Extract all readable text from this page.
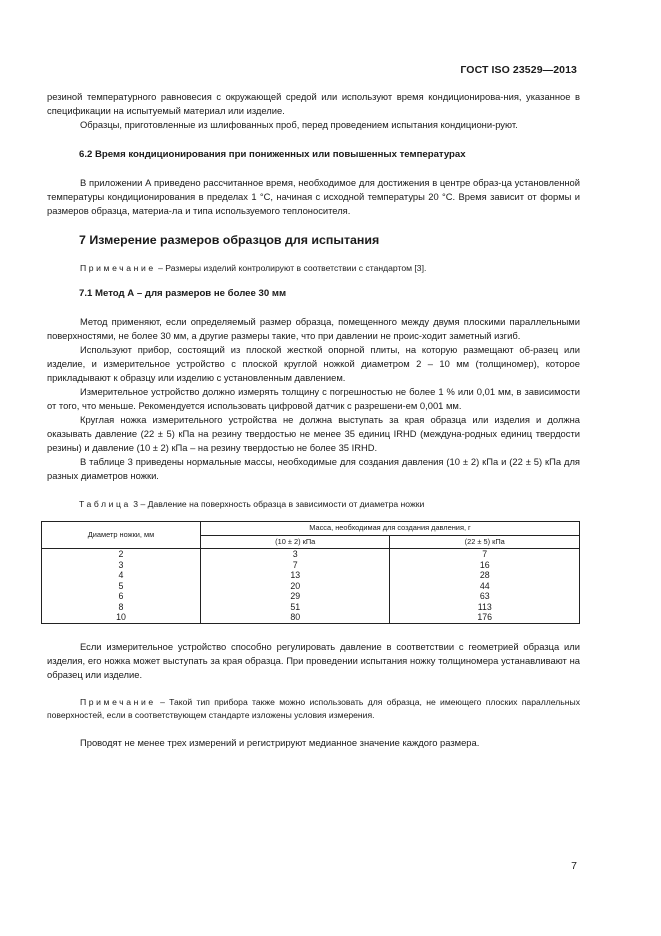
ГОСТ ISO 23529—2013

резиной температурного равновесия с окружающей средой или используют время кондиционирова-ния, указанное в спецификации на испытуемый материал или изделие.

Образцы, приготовленные из шлифованных проб, перед проведением испытания кондициони-руют.

6.2 Время кондиционирования при пониженных или повышенных температурах

В приложении А приведено рассчитанное время, необходимое для достижения в центре образ-ца установленной температуры кондиционирования в пределах 1 °С, начиная с исходной температуры 20 °С. Время зависит от формы и размеров образца, материа-ла и типа используемого теплоносителя.

7 Измерение размеров образцов для испытания

Примечание – Размеры изделий контролируют в соответствии с стандартом [3].

7.1 Метод А – для размеров не более 30 мм

Метод применяют, если определяемый размер образца, помещенного между двумя плоскими параллельными поверхностями, не более 30 мм, а другие размеры такие, что при давлении не проис-ходит заметный изгиб.

Используют прибор, состоящий из плоской жесткой опорной плиты, на которую размещают об-разец или изделие, и измерительное устройство с плоской круглой ножкой диаметром 2 – 10 мм (толщиномер), которое прикладывают к образцу или изделию с установленным давлением.

Измерительное устройство должно измерять толщину с погрешностью не более 1 % или 0,01 мм, в зависимости от того, что меньше. Рекомендуется использовать цифровой датчик с разрешени-ем 0,001 мм.

Круглая ножка измерительного устройства не должна выступать за края образца или изделия и должна оказывать давление (22 ± 5) кПа на резину твердостью не менее 35 единиц IRHD (междуна-родных единиц твердости резины) и давление (10 ± 2) кПа – на резину твердостью не более 35 IRHD.

В таблице 3 приведены нормальные массы, необходимые для создания давления (10 ± 2) кПа и (22 ± 5) кПа для разных диаметров ножки.

Таблица 3 – Давление на поверхность образца в зависимости от диаметра ножки

Диаметр ножки, мм	Масса, необходимая для создания давления, г	
	(10 ± 2) кПа	(22 ± 5) кПа
2	3	7
3	7	16
4	13	28
5	20	44
6	29	63
8	51	113
10	80	176

Если измерительное устройство способно регулировать давление в соответствии с геометрией образца или изделия, его ножка может выступать за края образца. При проведении испытания ножку толщиномера устанавливают на образец или изделие.

Примечание – Такой тип прибора также можно использовать для образца, не имеющего плоских параллельных поверхностей, если в соответствующем стандарте изложены условия измерения.

Проводят не менее трех измерений и регистрируют медианное значение каждого размера.

7
